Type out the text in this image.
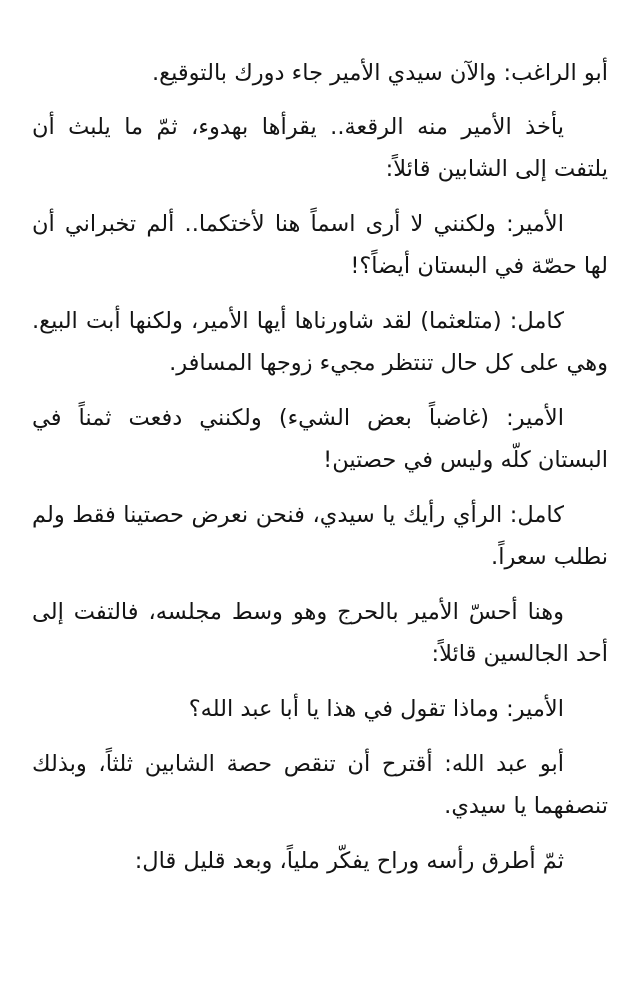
أبو الراغب: والآن سيدي الأمير جاء دورك بالتوقيع.

يأخذ الأمير منه الرقعة.. يقرأها بهدوء، ثمّ ما يلبث أن يلتفت إلى الشابين قائلاً:

الأمير: ولكنني لا أرى اسماً هنا لأختكما.. ألم تخبراني أن لها حصّة في البستان أيضاً؟!

كامل: (متلعثما) لقد شاورناها أيها الأمير، ولكنها أبت البيع. وهي على كل حال تنتظر مجيء زوجها المسافر.

الأمير: (غاضباً بعض الشيء) ولكنني دفعت ثمناً في البستان كلّه وليس في حصتين!

كامل: الرأي رأيك يا سيدي، فنحن نعرض حصتينا فقط ولم نطلب سعراً.

وهنا أحسّ الأمير بالحرج وهو وسط مجلسه، فالتفت إلى أحد الجالسين قائلاً:

الأمير: وماذا تقول في هذا يا أبا عبد الله؟

أبو عبد الله: أقترح أن تنقص حصة الشابين ثلثاً، وبذلك تنصفهما يا سيدي.

ثمّ أطرق رأسه وراح يفكّر ملياً، وبعد قليل قال:
